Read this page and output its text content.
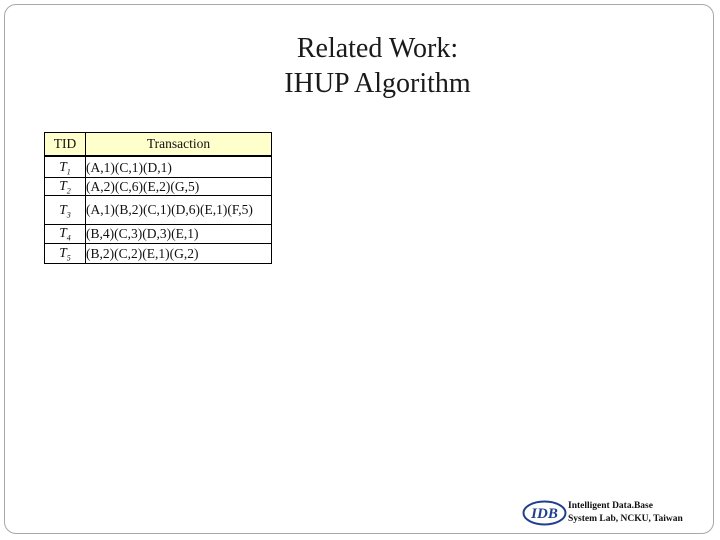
Related Work:
IHUP Algorithm
TID	Transaction
$T_1$	(A,1)(C,1)(D,1)
$T_2$	(A,2)(C,6)(E,2)(G,5)
$T_3$	(A,1)(B,2)(C,1)(D,6)(E,1)(F,5)

$T_4$	(B,4)(C,3)(D,3)(E,1)
$T_5$	(B,2)(C,2)(E,1)(G,2)
IDB Intelligent Data.Base
System Lab, NCKU, Taiwan
